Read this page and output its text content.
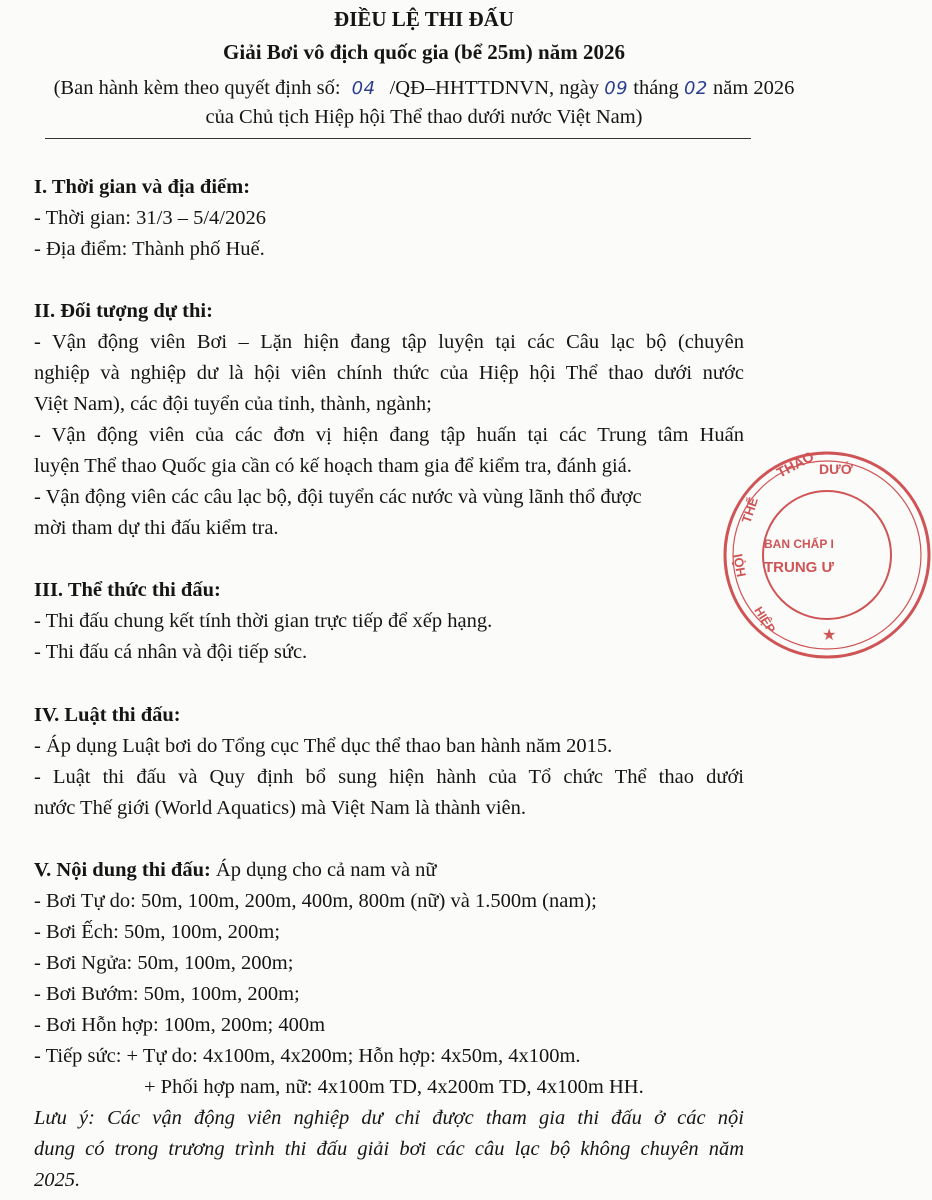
ĐIỀU LỆ THI ĐẤU
Giải Bơi vô địch quốc gia (bể 25m) năm 2026
(Ban hành kèm theo quyết định số: 04 /QĐ–HHTTDNVN, ngày 09 tháng 02 năm 2026
của Chủ tịch Hiệp hội Thể thao dưới nước Việt Nam)
I. Thời gian và địa điểm:
- Thời gian: 31/3 – 5/4/2026
- Địa điểm: Thành phố Huế.
II. Đối tượng dự thi:
- Vận động viên Bơi – Lặn hiện đang tập luyện tại các Câu lạc bộ (chuyên
nghiệp và nghiệp dư là hội viên chính thức của Hiệp hội Thể thao dưới nước
Việt Nam), các đội tuyển của tỉnh, thành, ngành;
- Vận động viên của các đơn vị hiện đang tập huấn tại các Trung tâm Huấn
luyện Thể thao Quốc gia cần có kế hoạch tham gia để kiểm tra, đánh giá.
- Vận động viên các câu lạc bộ, đội tuyển các nước và vùng lãnh thổ được
mời tham dự thi đấu kiểm tra.
III. Thể thức thi đấu:
- Thi đấu chung kết tính thời gian trực tiếp để xếp hạng.
- Thi đấu cá nhân và đội tiếp sức.
IV. Luật thi đấu:
- Áp dụng Luật bơi do Tổng cục Thể dục thể thao ban hành năm 2015.
- Luật thi đấu và Quy định bổ sung hiện hành của Tổ chức Thể thao dưới
nước Thế giới (World Aquatics) mà Việt Nam là thành viên.
V. Nội dung thi đấu: Áp dụng cho cả nam và nữ
- Bơi Tự do: 50m, 100m, 200m, 400m, 800m (nữ) và 1.500m (nam);
- Bơi Ếch: 50m, 100m, 200m;
- Bơi Ngửa: 50m, 100m, 200m;
- Bơi Bướm: 50m, 100m, 200m;
- Bơi Hỗn hợp: 100m, 200m; 400m
- Tiếp sức: + Tự do: 4x100m, 4x200m; Hỗn hợp: 4x50m, 4x100m.
+ Phối hợp nam, nữ: 4x100m TD, 4x200m TD, 4x100m HH.
Lưu ý: Các vận động viên nghiệp dư chỉ được tham gia thi đấu ở các nội
dung có trong trương trình thi đấu giải bơi các câu lạc bộ không chuyên năm
2025.
THAO DƯỚ
THỂ
HỘI
HIỆP
BAN CHẤP I
TRUNG Ư
★
